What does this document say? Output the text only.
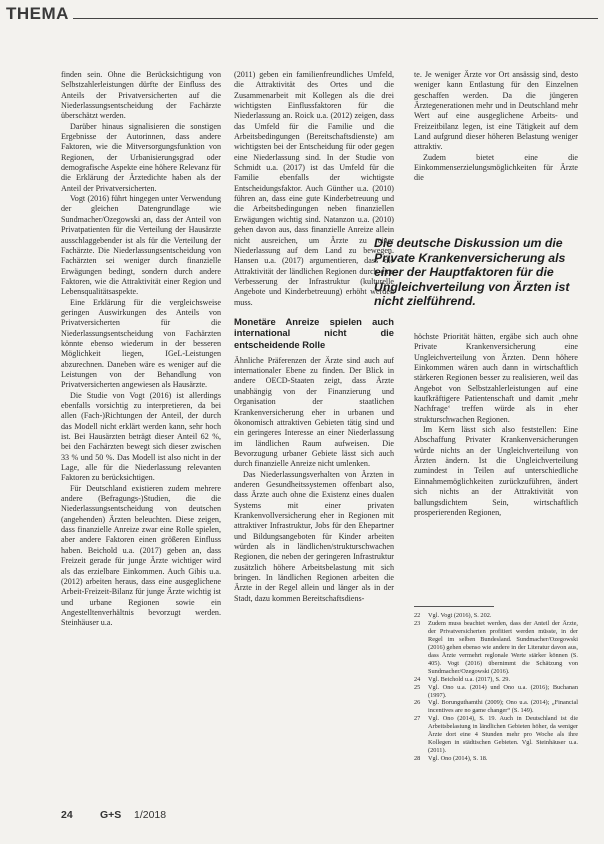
THEMA

finden sein. Ohne die Berücksichtigung von Selbstzahlerleistungen dürfte der Einfluss des Anteils der Privatversicherten auf die Niederlassungsentscheidung der Fachärzte überschätzt werden.

Darüber hinaus signalisieren die sonstigen Ergebnisse der Autorinnen, dass andere Faktoren, wie die Mitversorgungsfunktion von Regionen, der Urbanisierungsgrad oder demografische Aspekte eine höhere Relevanz für die Erklärung der Ärztedichte haben als der Anteil der Privatversicherten.

Vogt (2016) führt hingegen unter Verwendung der gleichen Datengrundlage wie Sundmacher/Ozegowski an, dass der Anteil von Privatpatienten für die Verteilung der Hausärzte ausschlaggebender ist als für die Verteilung der Fachärzte. Die Niederlassungsentscheidung von Fachärzten sei weniger durch finanzielle Erwägungen bedingt, sondern durch andere Faktoren, wie die Attraktivität einer Region und Lebensqualitätsaspekte.

Eine Erklärung für die vergleichsweise geringen Auswirkungen des Anteils von Privatversicherten für die Niederlassungsentscheidung von Fachärzten könnte ebenso wiederum in der besseren Möglichkeit liegen, IGeL-Leistungen abzurechnen. Daneben wäre es weniger auf die Leistungen von der Behandlung von Privatversicherten angewiesen als Hausärzte.

Die Studie von Vogt (2016) ist allerdings ebenfalls vorsichtig zu interpretieren, da bei allen (Fach-)Richtungen der Anteil, der durch das Modell nicht erklärt werden kann, sehr hoch ist. Bei Hausärzten beträgt dieser Anteil 62 %, bei den Fachärzten bewegt sich dieser zwischen 33 % und 50 %. Das Modell ist also nicht in der Lage, alle für die Niederlassung relevanten Faktoren zu berücksichtigen.

Für Deutschland existieren zudem mehrere andere (Befragungs-)Studien, die die Niederlassungsentscheidung von deutschen (angehenden) Ärzten beleuchten. Diese zeigen, dass finanzielle Anreize zwar eine Rolle spielen, aber andere Faktoren einen größeren Einfluss haben. Beichold u.a. (2017) geben an, dass Freizeit gerade für junge Ärzte wichtiger wird als das erzielbare Einkommen. Auch Gibis u.a. (2012) arbeiten heraus, dass eine ausgeglichene Arbeit-Freizeit-Bilanz für junge Ärzte wichtig ist und urbane Regionen sowie ein Angestelltenverhältnis bevorzugt werden. Steinhäuser u.a.

(2011) geben ein familienfreundliches Umfeld, die Attraktivität des Ortes und die Zusammenarbeit mit Kollegen als die drei wichtigsten Einflussfaktoren für die Niederlassung an. Roick u.a. (2012) zeigen, dass das Umfeld für die Familie und die Arbeitsbedingungen (Bereitschaftsdienste) am wichtigsten bei der Entscheidung für oder gegen eine Niederlassung sind. In der Studie von Schmidt u.a. (2017) ist das Umfeld für die Familie ebenfalls der wichtigste Entscheidungsfaktor. Auch Günther u.a. (2010) führen an, dass eine gute Kinderbetreuung und die Arbeitsbedingungen neben finanziellen Erwägungen wichtig sind. Natanzon u.a. (2010) gehen davon aus, dass finanzielle Anreize allein nicht ausreichen, um Ärzte zu einer Niederlassung auf dem Land zu bewegen. Hansen u.a. (2017) argumentieren, dass die Attraktivität der ländlichen Regionen durch eine Verbesserung der Infrastruktur (kulturelle Angebote und Kinderbetreuung) erhöht werden muss.

Monetäre Anreize spielen auch international nicht die entscheidende Rolle

Ähnliche Präferenzen der Ärzte sind auch auf internationaler Ebene zu finden. Der Blick in andere OECD-Staaten zeigt, dass Ärzte unabhängig von der Finanzierung und Organisation der staatlichen Krankenversicherung eher in urbanen und ökonomisch attraktiven Gebieten tätig sind und ein geringeres Interesse an einer Niederlassung im ländlichen Raum aufweisen. Die Bevorzugung urbaner Gebiete lässt sich auch durch finanzielle Anreize nicht umlenken.

Das Niederlassungsverhalten von Ärzten in anderen Gesundheitssystemen offenbart also, dass Ärzte auch ohne die Existenz eines dualen Systems mit einer privaten Krankenvollversicherung eher in Regionen mit attraktiver Infrastruktur, Jobs für den Ehepartner und Bildungsangeboten für Kinder arbeiten würden als in ländlichen/strukturschwachen Regionen, die neben der geringeren Infrastruktur zusätzlich höhere Arbeitsbelastung mit sich bringen. In ländlichen Regionen arbeiten die Ärzte in der Regel allein und länger als in der Stadt, dazu kommen Bereitschaftsdiens-

te. Je weniger Ärzte vor Ort ansässig sind, desto weniger kann Entlastung für den Einzelnen geschaffen werden. Da die jüngeren Ärztegenerationen mehr und in Deutschland mehr Wert auf eine ausgeglichene Arbeits- und Freizeitbilanz legen, ist eine Tätigkeit auf dem Land aufgrund dieser höheren Belastung weniger attraktiv.

Zudem bietet eine die Einkommenserzielungsmöglichkeiten für Ärzte die

Die deutsche Diskussion um die Private Krankenversicherung als einer der Hauptfaktoren für die Ungleichverteilung von Ärzten ist nicht zielführend.

höchste Priorität hätten, ergäbe sich auch ohne Private Krankenversicherung eine Ungleichverteilung von Ärzten. Denn höhere Einkommen wären auch dann in wirtschaftlich stärkeren Regionen besser zu realisieren, weil das Angebot von Selbstzahlerleistungen auf eine kaufkräftigere Patientenschaft und damit ‚mehr Nachfrage‘ treffen würde als in eher strukturschwachen Regionen.

Im Kern lässt sich also feststellen: Eine Abschaffung Privater Krankenversicherungen würde nichts an der Ungleichverteilung von Ärzten ändern. Ist die Ungleichverteilung zumindest in Teilen auf unterschiedliche Einnahmemöglichkeiten zurückzuführen, ändert sich nichts an der Attraktivität von ballungsdichtem Sein, wirtschaftlich prosperierenden Regionen,

22	Vgl. Vogt (2016), S. 202.
23	Zudem muss beachtet werden, dass der Anteil der Ärzte, der Privatversicherten profitiert werden müsste, in der Regel im selben Bundesland. Sundmacher/Ozegowski (2016) gehen ebenso wie andere in der Literatur davon aus, dass Ärzte vermehrt reglonale Werte stärker können (S. 405). Vogt (2016) übernimmt die Schätzung von Sundmacher/Ozegowski (2016).
24	Vgl. Beichold u.a. (2017), S. 29.
25	Vgl. Ono u.a. (2014) und Ono u.a. (2016); Buchanan (1997).
26	Vgl. Borunguthamthi (2009); Ono u.a. (2014); „Financial incentives are no game changer“ (S. 149).
27	Vgl. Ono (2014), S. 19. Auch in Deutschland ist die Arbeitsbelastung in ländlichen Gebieten höher, da weniger Ärzte dort eine 4 Stunden mehr pro Woche als ihre Kollegen in städtischen Gebieten. Vgl. Steinhäuser u.a. (2011).
28	Vgl. Ono (2014), S. 18.
24	G+S 1/2018
